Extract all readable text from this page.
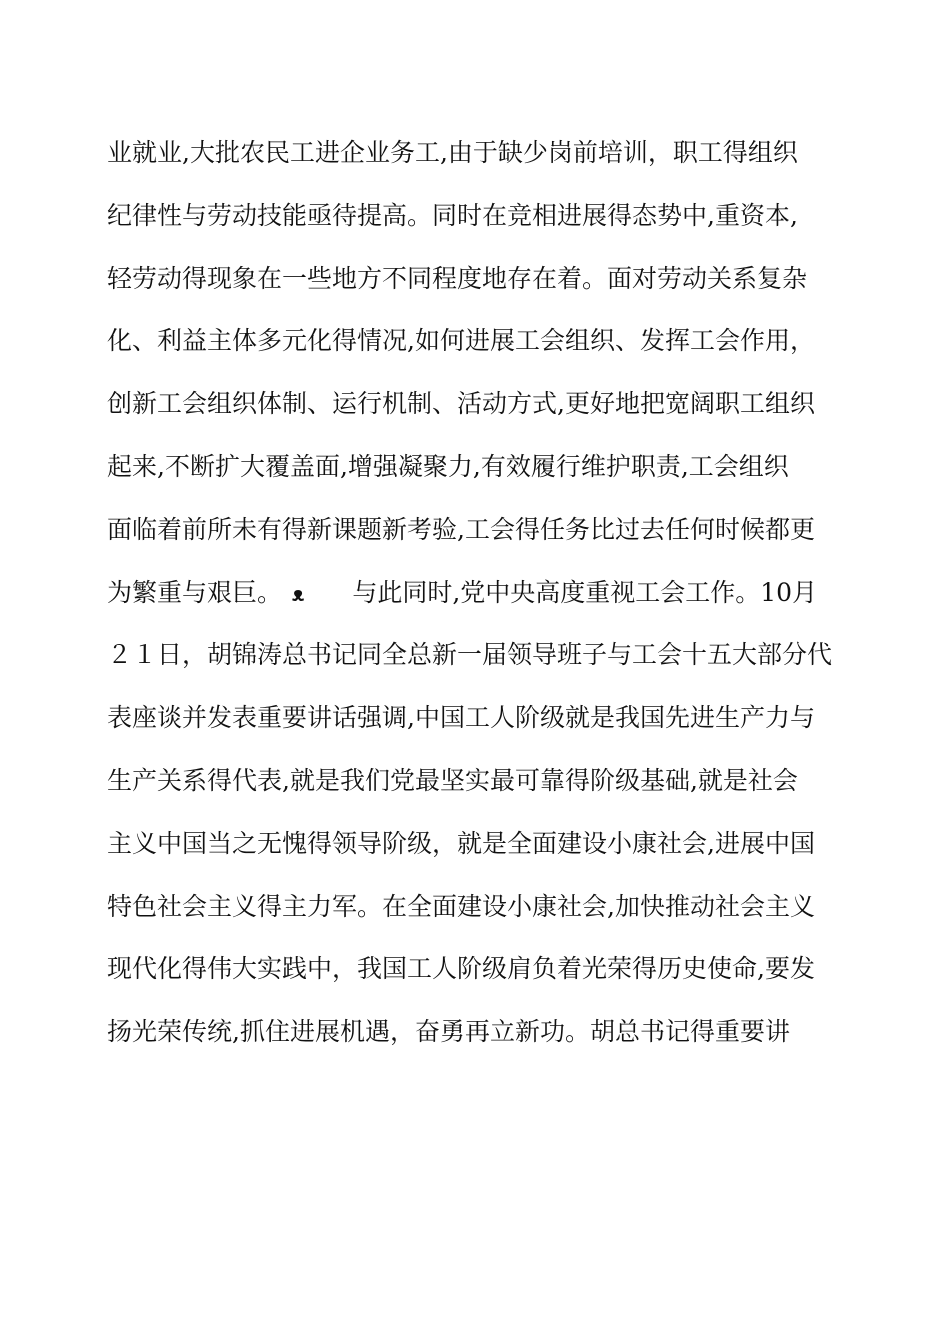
业就业,大批农民工进企业务工,由于缺少岗前培训，职工得组织
纪律性与劳动技能亟待提高。同时在竞相进展得态势中,重资本,
轻劳动得现象在一些地方不同程度地存在着。面对劳动关系复杂
化、利益主体多元化得情况,如何进展工会组织、发挥工会作用，
创新工会组织体制、运行机制、活动方式,更好地把宽阔职工组织
起来,不断扩大覆盖面,增强凝聚力,有效履行维护职责,工会组织
面临着前所未有得新课题新考验,工会得任务比过去任何时候都更
为繁重与艰巨。 ᴥ 与此同时,党中央高度重视工会工作。10月
２１日，胡锦涛总书记同全总新一届领导班子与工会十五大部分代
表座谈并发表重要讲话强调,中国工人阶级就是我国先进生产力与
生产关系得代表,就是我们党最坚实最可靠得阶级基础,就是社会
主义中国当之无愧得领导阶级，就是全面建设小康社会,进展中国
特色社会主义得主力军。在全面建设小康社会,加快推动社会主义
现代化得伟大实践中，我国工人阶级肩负着光荣得历史使命,要发
扬光荣传统,抓住进展机遇，奋勇再立新功。胡总书记得重要讲
